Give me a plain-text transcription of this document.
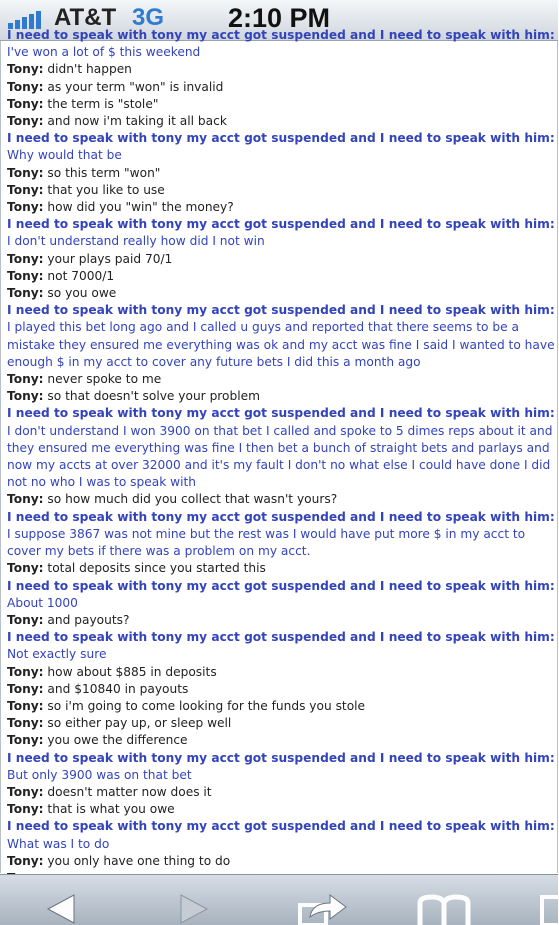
AT&T 3G	2:10 PM
I need to speak with tony my acct got suspended and I need to speak with him: I've won a lot of $ this weekend
Tony: didn't happen
Tony: as your term "won" is invalid
Tony: the term is "stole"
Tony: and now i'm taking it all back
I need to speak with tony my acct got suspended and I need to speak with him: Why would that be
Tony: so this term "won"
Tony: that you like to use
Tony: how did you "win" the money?
I need to speak with tony my acct got suspended and I need to speak with him: I don't understand really how did I not win
Tony: your plays paid 70/1
Tony: not 7000/1
Tony: so you owe
I need to speak with tony my acct got suspended and I need to speak with him: I played this bet long ago and I called u guys and reported that there seems to be a mistake they ensured me everything was ok and my acct was fine I said I wanted to have enough $ in my acct to cover any future bets I did this a month ago
Tony: never spoke to me
Tony: so that doesn't solve your problem
I need to speak with tony my acct got suspended and I need to speak with him: I don't understand I won 3900 on that bet I called and spoke to 5 dimes reps about it and they ensured me everything was fine I then bet a bunch of straight bets and parlays and now my accts at over 32000 and it's my fault I don't no what else I could have done I did not no who I was to speak with
Tony: so how much did you collect that wasn't yours?
I need to speak with tony my acct got suspended and I need to speak with him: I suppose 3867 was not mine but the rest was I would have put more $ in my acct to cover my bets if there was a problem on my acct.
Tony: total deposits since you started this
I need to speak with tony my acct got suspended and I need to speak with him: About 1000
Tony: and payouts?
I need to speak with tony my acct got suspended and I need to speak with him: Not exactly sure
Tony: how about $885 in deposits
Tony: and $10840 in payouts
Tony: so i'm going to come looking for the funds you stole
Tony: so either pay up, or sleep well
Tony: you owe the difference
I need to speak with tony my acct got suspended and I need to speak with him: But only 3900 was on that bet
Tony: doesn't matter now does it
Tony: that is what you owe
I need to speak with tony my acct got suspended and I need to speak with him: What was I to do
Tony: you only have one thing to do
